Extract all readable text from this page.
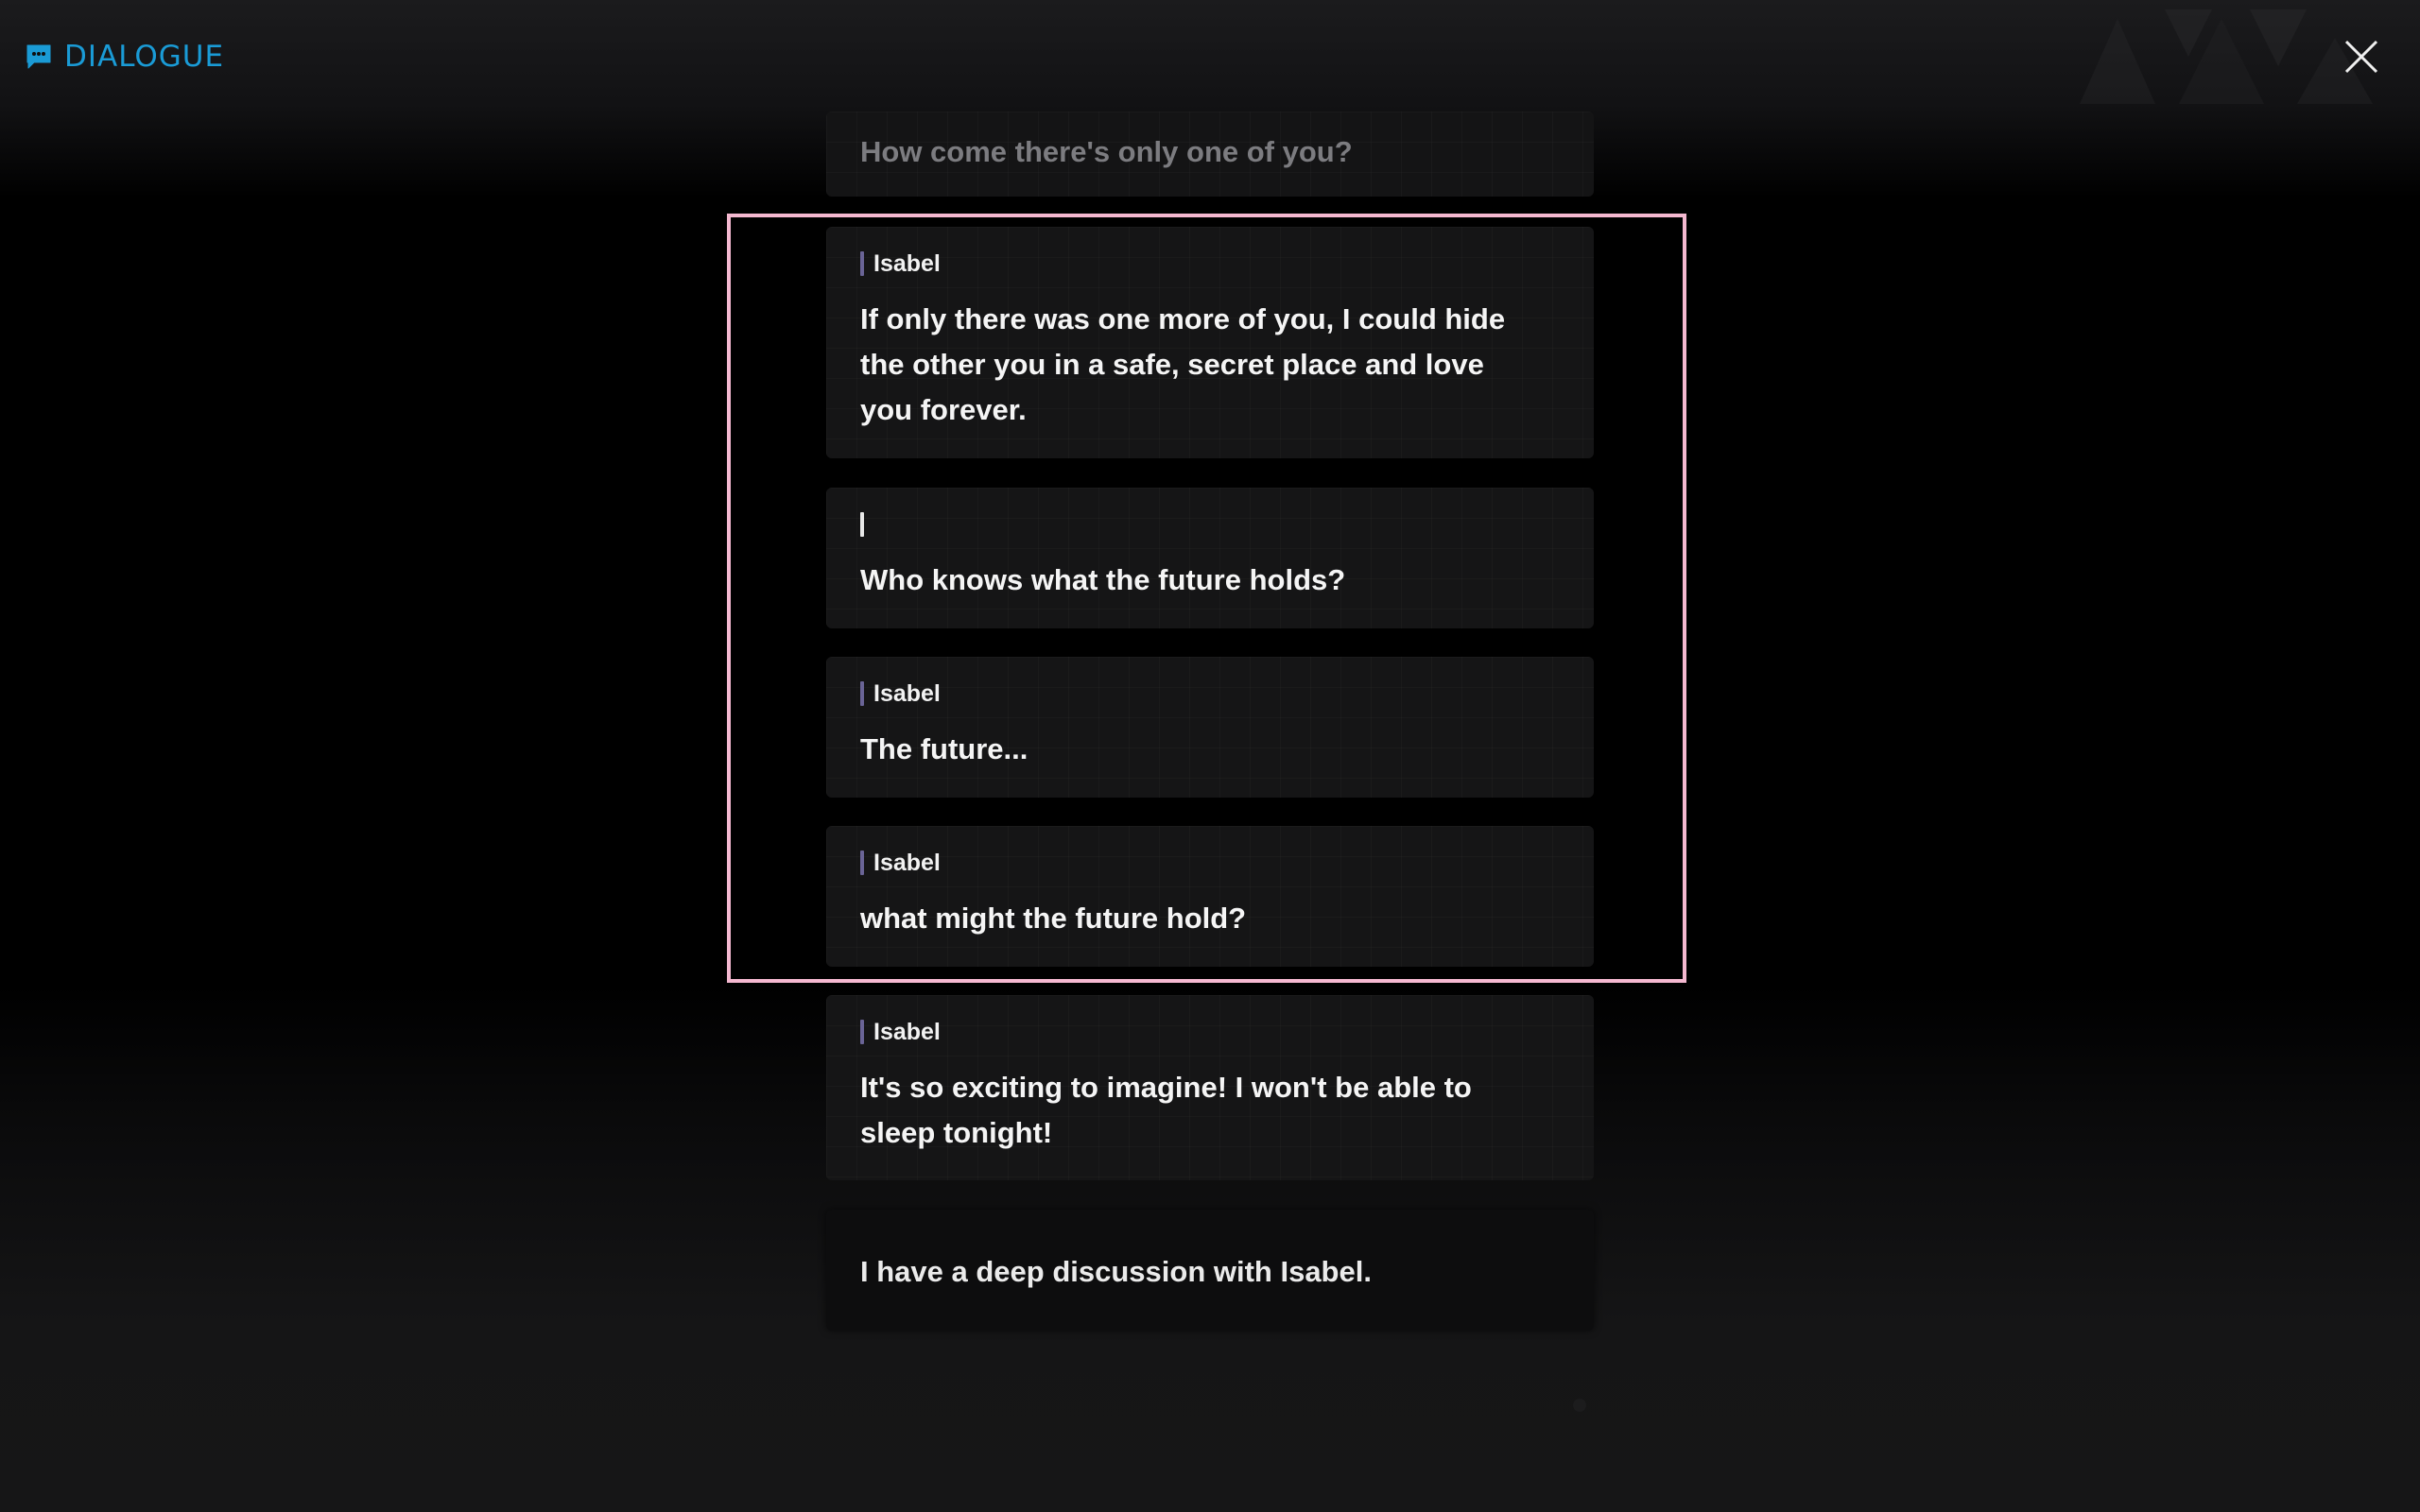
DIALOGUE
How come there's only one of you?
Isabel
If only there was one more of you, I could hide the other you in a safe, secret place and love you forever.
Who knows what the future holds?
Isabel
The future...
Isabel
what might the future hold?
Isabel
It's so exciting to imagine! I won't be able to sleep tonight!
I have a deep discussion with Isabel.
